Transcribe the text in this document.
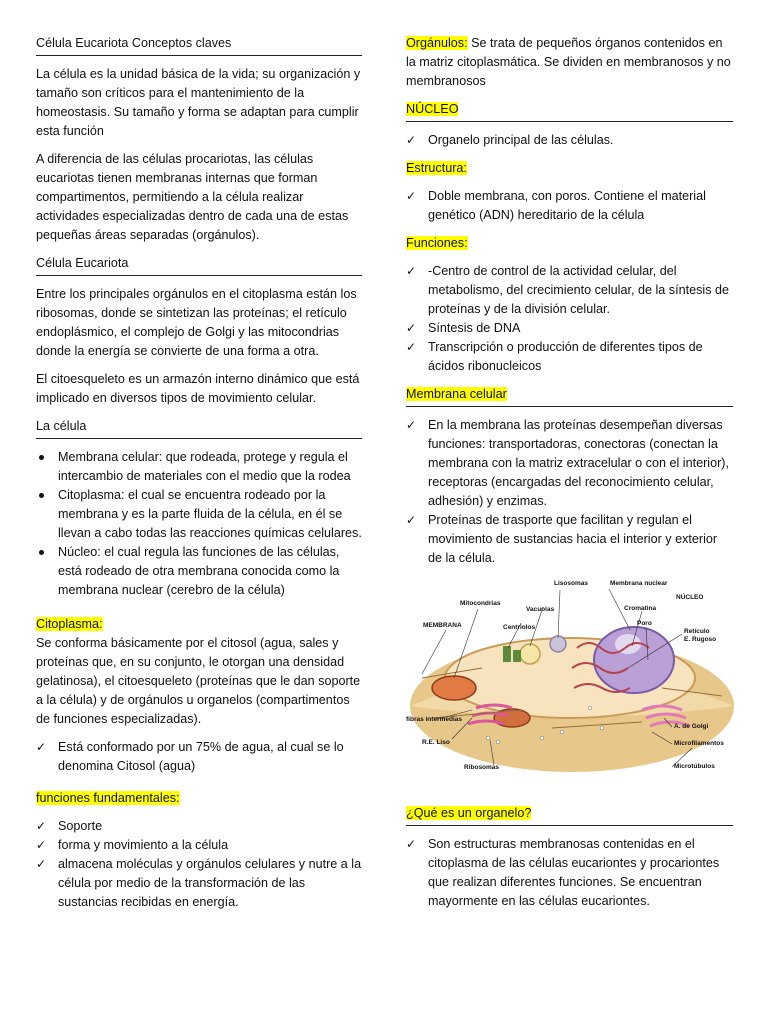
Célula Eucariota Conceptos claves

La célula es la unidad básica de la vida; su organización y tamaño son críticos para el mantenimiento de la homeostasis. Su tamaño y forma se adaptan para cumplir esta función

A diferencia de las células procariotas, las células eucariotas tienen membranas internas que forman compartimentos, permitiendo a la célula realizar actividades especializadas dentro de cada una de estas pequeñas áreas separadas (orgánulos).

Célula Eucariota

Entre los principales orgánulos en el citoplasma están los ribosomas, donde se sintetizan las proteínas; el retículo endoplásmico, el complejo de Golgi y las mitocondrias donde la energía se convierte de una forma a otra.

El citoesqueleto es un armazón interno dinámico que está implicado en diversos tipos de movimiento celular.

La célula
Membrana celular: que rodeada, protege y regula el intercambio de materiales con el medio que la rodea
Citoplasma: el cual se encuentra rodeado por la membrana y es la parte fluida de la célula, en él se llevan a cabo todas las reacciones químicas celulares.
Núcleo: el cual regula las funciones de las células, está rodeado de otra membrana conocida como la membrana nuclear (cerebro de la célula)
Citoplasma:

Se conforma básicamente por el citosol (agua, sales y proteínas que, en su conjunto, le otorgan una densidad gelatinosa), el citoesqueleto (proteínas que le dan soporte a la célula) y de orgánulos u organelos (compartimentos de funciones especializadas).

✓ Está conformado por un 75% de agua, al cual se lo denomina Citosol (agua)
funciones fundamentales:
✓ Soporte
✓ forma y movimiento a la célula
✓ almacena moléculas y orgánulos celulares y nutre a la célula por medio de la transformación de las sustancias recibidas en energía.

Orgánulos: Se trata de pequeños órganos contenidos en la matriz citoplasmática. Se dividen en membranosos y no membranosos

NÚCLEO
✓ Organelo principal de las células.
Estructura:
✓ Doble membrana, con poros. Contiene el material genético (ADN) hereditario de la célula
Funciones:
✓ -Centro de control de la actividad celular, del metabolismo, del crecimiento celular, de la síntesis de proteínas y de la división celular.
✓ Síntesis de DNA
✓ Transcripción o producción de diferentes tipos de ácidos ribonucleicos
Membrana celular
✓ En la membrana las proteínas desempeñan diversas funciones: transportadoras, conectoras (conectan la membrana con la matriz extracelular o con el interior), receptoras (encargadas del reconocimiento celular, adhesión) y enzimas.
✓ Proteínas de trasporte que facilitan y regulan el movimiento de sustancias hacia el interior y exterior de la célula.
Lisosomas	Membrana nuclear
Mitocondrias
Vacuolas
NÚCLEO
Cromatina
MEMBRANA	Centriolos
Poro
Retículo
E. Rugoso
fibras intermedias
A. de Golgi
R.E. Liso	Microfilamentos
Ribosomas	Microtúbulos
¿Qué es un organelo?
✓ Son estructuras membranosas contenidas en el citoplasma de las células eucariontes y procariontes que realizan diferentes funciones. Se encuentran mayormente en las células eucariontes.
